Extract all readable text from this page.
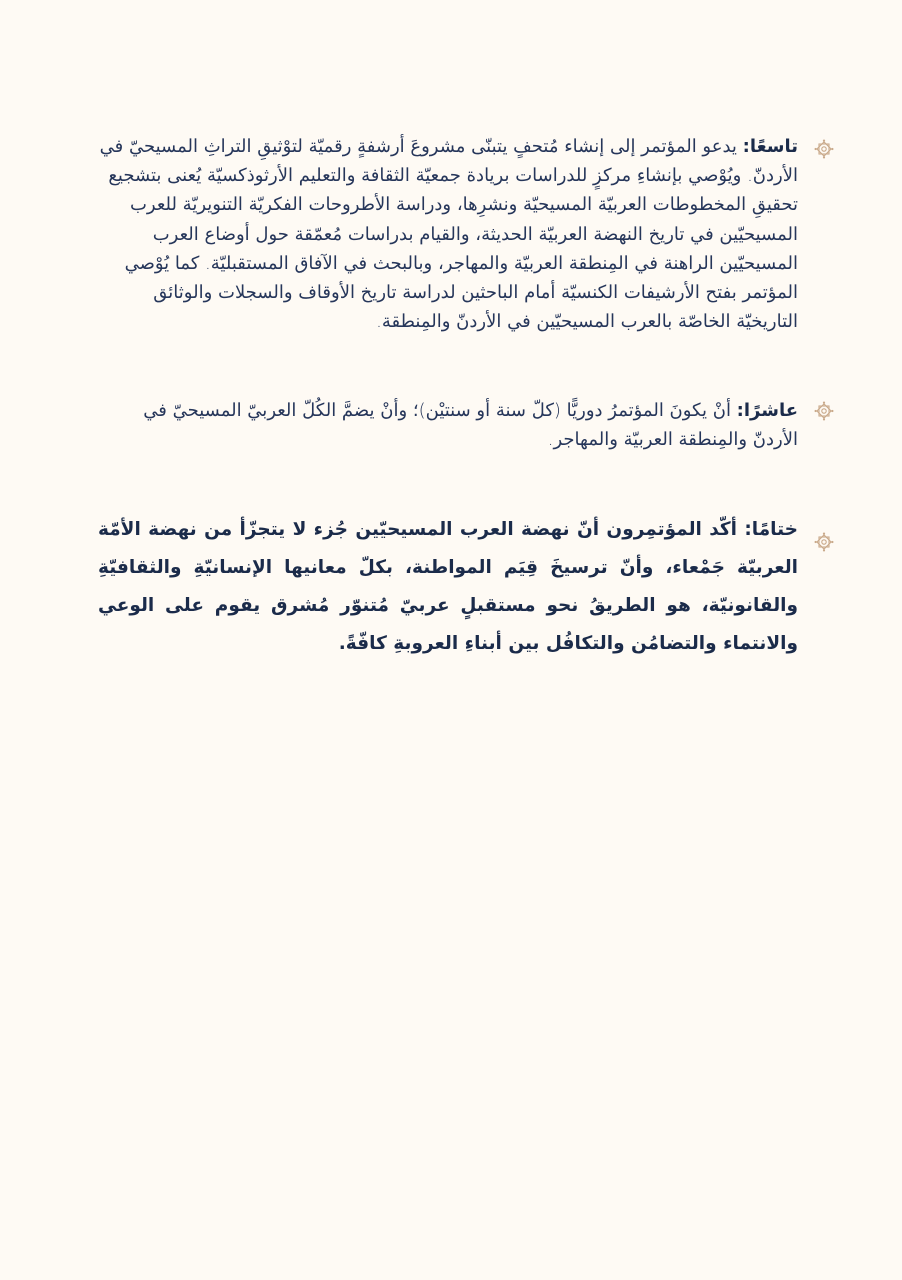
تاسعًا: يدعو المؤتمر إلى إنشاء مُتحفٍ يتبنّى مشروعَ أرشفةٍ رقميّة لتوْثيقِ التراثِ المسيحيّ في الأردنّ. ويُوْصي بإنشاءِ مركزٍ للدراسات بريادة جمعيّة الثقافة والتعليم الأرثوذكسيّة يُعنى بتشجيع تحقيقِ المخطوطات العربيّة المسيحيّة ونشرِها، ودراسة الأطروحات الفكريّة التنويريّة للعرب المسيحيّين في تاريخ النهضة العربيّة الحديثة، والقيام بدراسات مُعمّقة حول أوضاع العرب المسيحيّين الراهنة في المِنطقة العربيّة والمهاجر، وبالبحث في الآفاق المستقبليّة. كما يُوْصي المؤتمر بفتح الأرشيفات الكنسيّة أمام الباحثين لدراسة تاريخ الأوقاف والسجلات والوثائق التاريخيّة الخاصّة بالعرب المسيحيّين في الأردنّ والمِنطقة.

عاشرًا: أنْ يكونَ المؤتمرُ دوريًّا (كلّ سنة أو سنتيْن)؛ وأنْ يضمَّ الكُلّ العربيّ المسيحيّ في الأردنّ والمِنطقة العربيّة والمهاجر.

ختامًا: أكّد المؤتمِرون أنّ نهضة العرب المسيحيّين جُزء لا يتجزّأ من نهضة الأمّة العربيّة جَمْعاء، وأنّ ترسيخَ قِيَم المواطنة، بكلّ معانيها الإنسانيّةِ والثقافيّةِ والقانونيّة، هو الطريقُ نحو مستقبلٍ عربيّ مُتنوّر مُشرق يقوم على الوعي والانتماء والتضامُن والتكافُل بين أبناءِ العروبةِ كافّةً.
